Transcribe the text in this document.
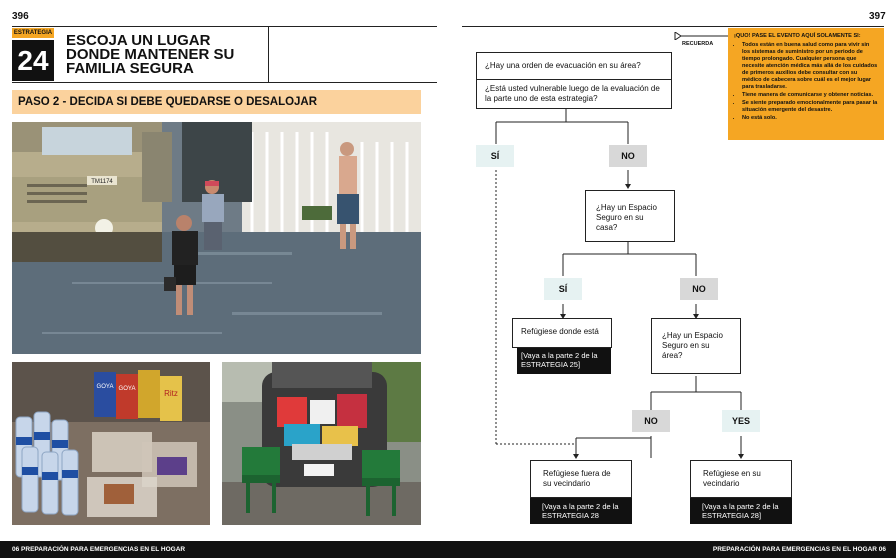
396
ESTRATEGIA
24
ESCOJA UN LUGAR DONDE MANTENER SU FAMILIA SEGURA
PASO 2 - DECIDA SI DEBE QUEDARSE O DESALOJAR
TM1174
GOYA GOYA	Ritz
397
RECUERDA
¡QUO! PASE EL EVENTO AQUÍ SOLAMENTE SI:
• Todos están en buena salud como para vivir sin los sistemas de suministro por un periodo de tiempo prolongado. Cualquier persona que necesite atención médica más allá de los cuidados de primeros auxilios debe consultar con su médico de cabecera sobre cuál es el mejor lugar para trasladarse.
• Tiene manera de comunicarse y obtener noticias.
• Se siente preparado emocionalmente para pasar la situación emergente del desastre.
• No está solo.
¿Hay una orden de evacuación en su área?
¿Está usted vulnerable luego de la evaluación de la parte uno de esta estrategia?
SÍ	NO
¿Hay un Espacio Seguro en su casa?
SÍ	NO
Refúgiese donde está
[Vaya a la parte 2 de la ESTRATEGIA 25]
¿Hay un Espacio Seguro en su área?
NO	YES
Refúgiese fuera de su vecindario
[Vaya a la parte 2 de la ESTRATEGIA 28
Refúgiese en su vecindario
[Vaya a la parte 2 de la ESTRATEGIA 28]
06 PREPARACIÓN PARA EMERGENCIAS EN EL HOGAR	PREPARACIÓN PARA EMERGENCIAS EN EL HOGAR 06
